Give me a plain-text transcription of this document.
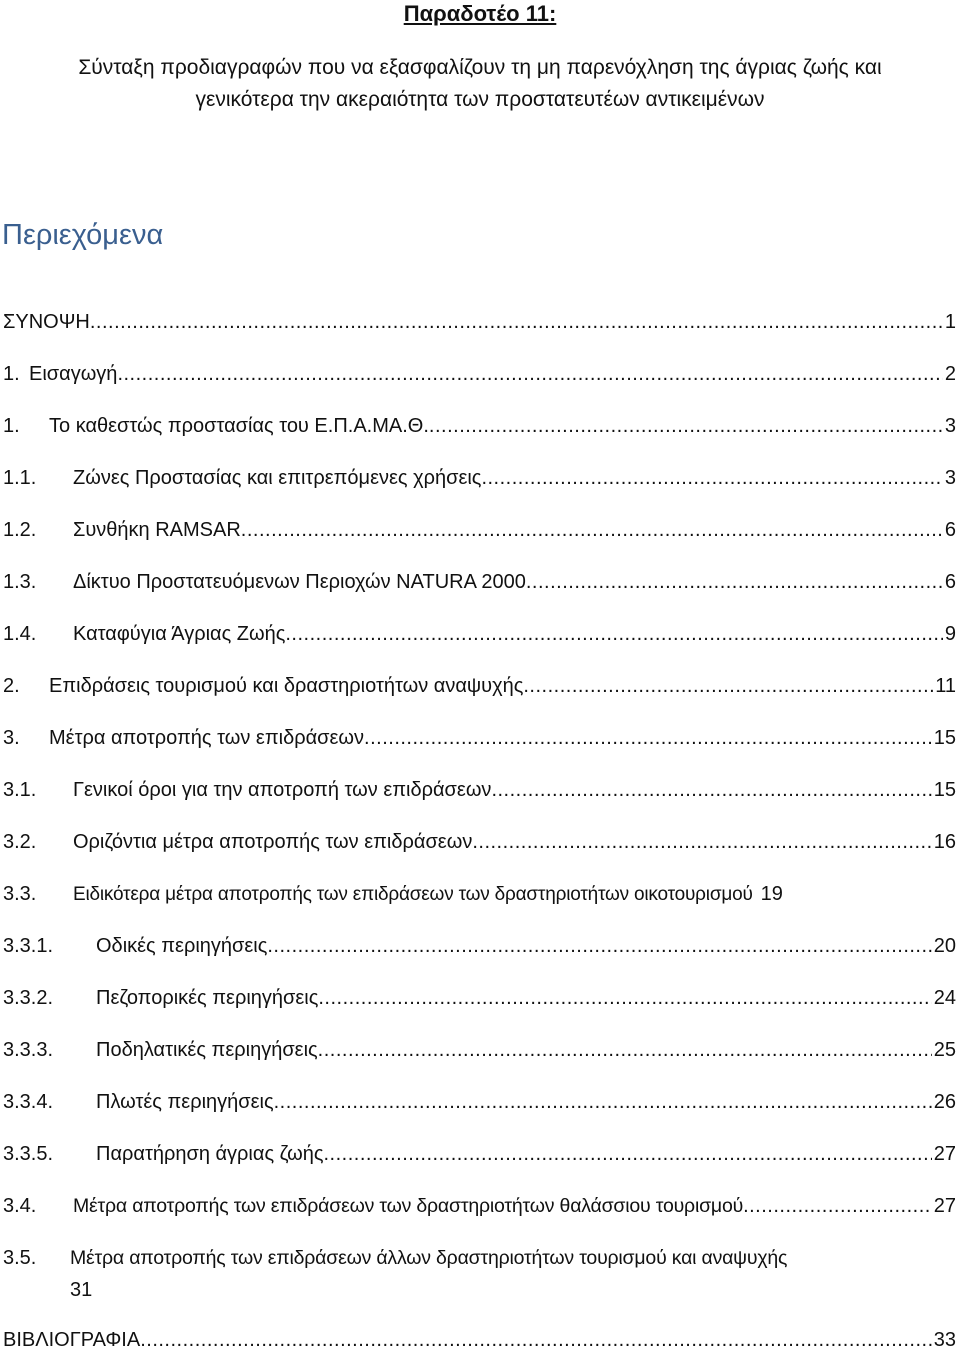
Παραδοτέο 11:
Σύνταξη προδιαγραφών που να εξασφαλίζουν τη μη παρενόχληση της άγριας ζωής και
γενικότερα την ακεραιότητα των προστατευτέων αντικειμένων
Περιεχόμενα
ΣΥΝΟΨΗ .....	1
1. Εισαγωγή .....	2
1. Το καθεστώς προστασίας του Ε.Π.Α.ΜΑ.Θ. .....	3
1.1. Ζώνες Προστασίας και επιτρεπόμενες χρήσεις .....	3
1.2. Συνθήκη RAMSAR .....	6
1.3. Δίκτυο Προστατευόμενων Περιοχών NATURA 2000 .....	6
1.4. Καταφύγια Άγριας Ζωής .....	9
2. Επιδράσεις τουρισμού και δραστηριοτήτων αναψυχής .....	11
3. Μέτρα αποτροπής των επιδράσεων .....	15
3.1. Γενικοί όροι για την αποτροπή των επιδράσεων .....	15
3.2. Οριζόντια μέτρα αποτροπής των επιδράσεων .....	16
3.3. Ειδικότερα μέτρα αποτροπής των επιδράσεων των δραστηριοτήτων οικοτουρισμού 19
3.3.1. Οδικές περιηγήσεις .....	20
3.3.2. Πεζοπορικές περιηγήσεις .....	24
3.3.3. Ποδηλατικές περιηγήσεις .....	25
3.3.4. Πλωτές περιηγήσεις .....	26
3.3.5. Παρατήρηση άγριας ζωής .....	27
3.4. Μέτρα αποτροπής των επιδράσεων των δραστηριοτήτων θαλάσσιου τουρισμού .....	27
3.5. Μέτρα αποτροπής των επιδράσεων άλλων δραστηριοτήτων τουρισμού και αναψυχής
31
ΒΙΒΛΙΟΓΡΑΦΙΑ .....	33
